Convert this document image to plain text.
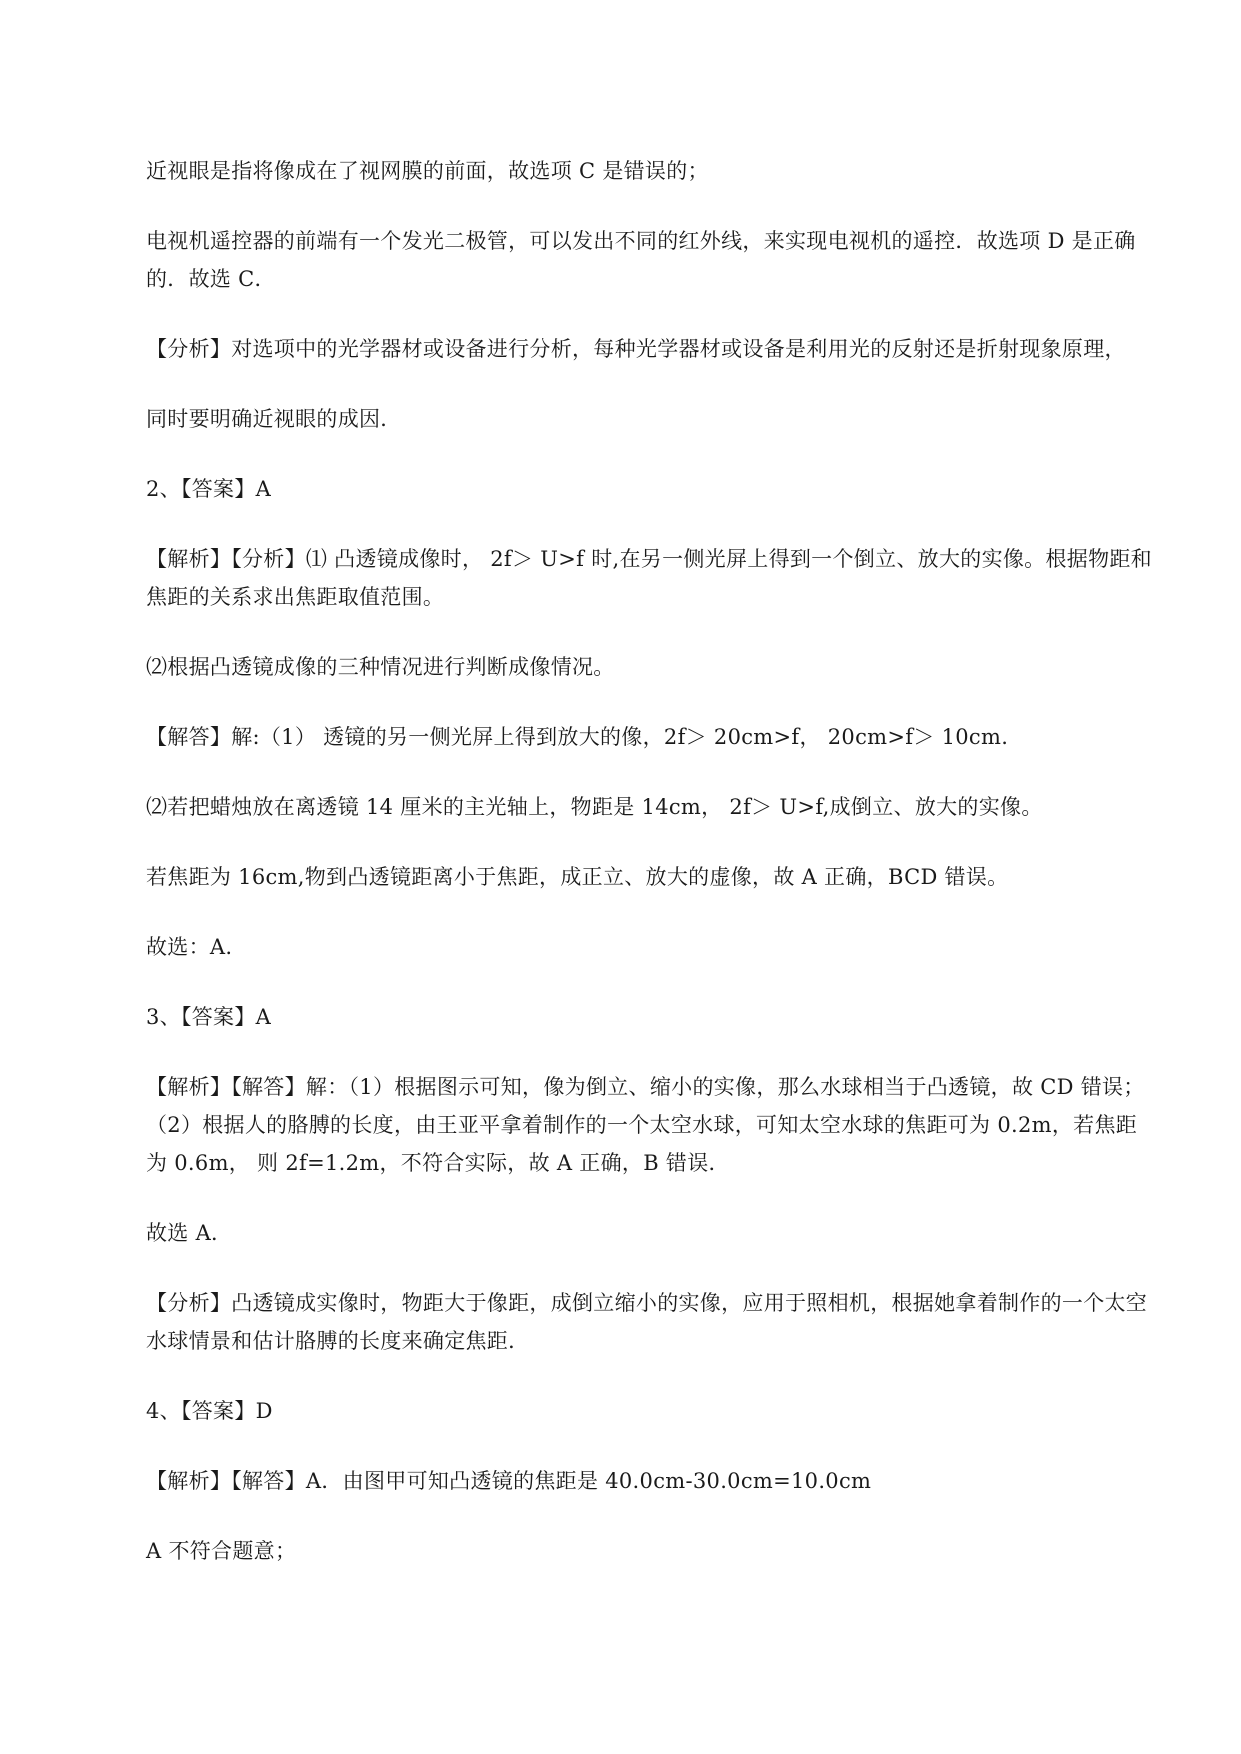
近视眼是指将像成在了视网膜的前面，故选项 C 是错误的；

电视机遥控器的前端有一个发光二极管，可以发出不同的红外线，来实现电视机的遥控．故选项 D 是正确的．故选 C．

【分析】对选项中的光学器材或设备进行分析，每种光学器材或设备是利用光的反射还是折射现象原理，

同时要明确近视眼的成因．

2、【答案】A

【解析】【分析】⑴ 凸透镜成像时， 2f＞ U>f 时,在另一侧光屏上得到一个倒立、放大的实像。根据物距和焦距的关系求出焦距取值范围。

⑵根据凸透镜成像的三种情况进行判断成像情况。

【解答】解:（1） 透镜的另一侧光屏上得到放大的像，2f＞ 20cm>f， 20cm>f＞ 10cm.

⑵若把蜡烛放在离透镜 14 厘米的主光轴上，物距是 14cm， 2f＞ U>f,成倒立、放大的实像。

若焦距为 16cm,物到凸透镜距离小于焦距，成正立、放大的虚像，故 A 正确，BCD 错误。

故选：A.

3、【答案】A

【解析】【解答】解：（1）根据图示可知，像为倒立、缩小的实像，那么水球相当于凸透镜，故 CD 错误；（2）根据人的胳膊的长度，由王亚平拿着制作的一个太空水球，可知太空水球的焦距可为 0.2m，若焦距为 0.6m， 则 2f=1.2m，不符合实际，故 A 正确，B 错误．

故选 A．

【分析】凸透镜成实像时，物距大于像距，成倒立缩小的实像，应用于照相机，根据她拿着制作的一个太空水球情景和估计胳膊的长度来确定焦距．

4、【答案】D

【解析】【解答】A．由图甲可知凸透镜的焦距是 40.0cm-30.0cm=10.0cm

A 不符合题意；
